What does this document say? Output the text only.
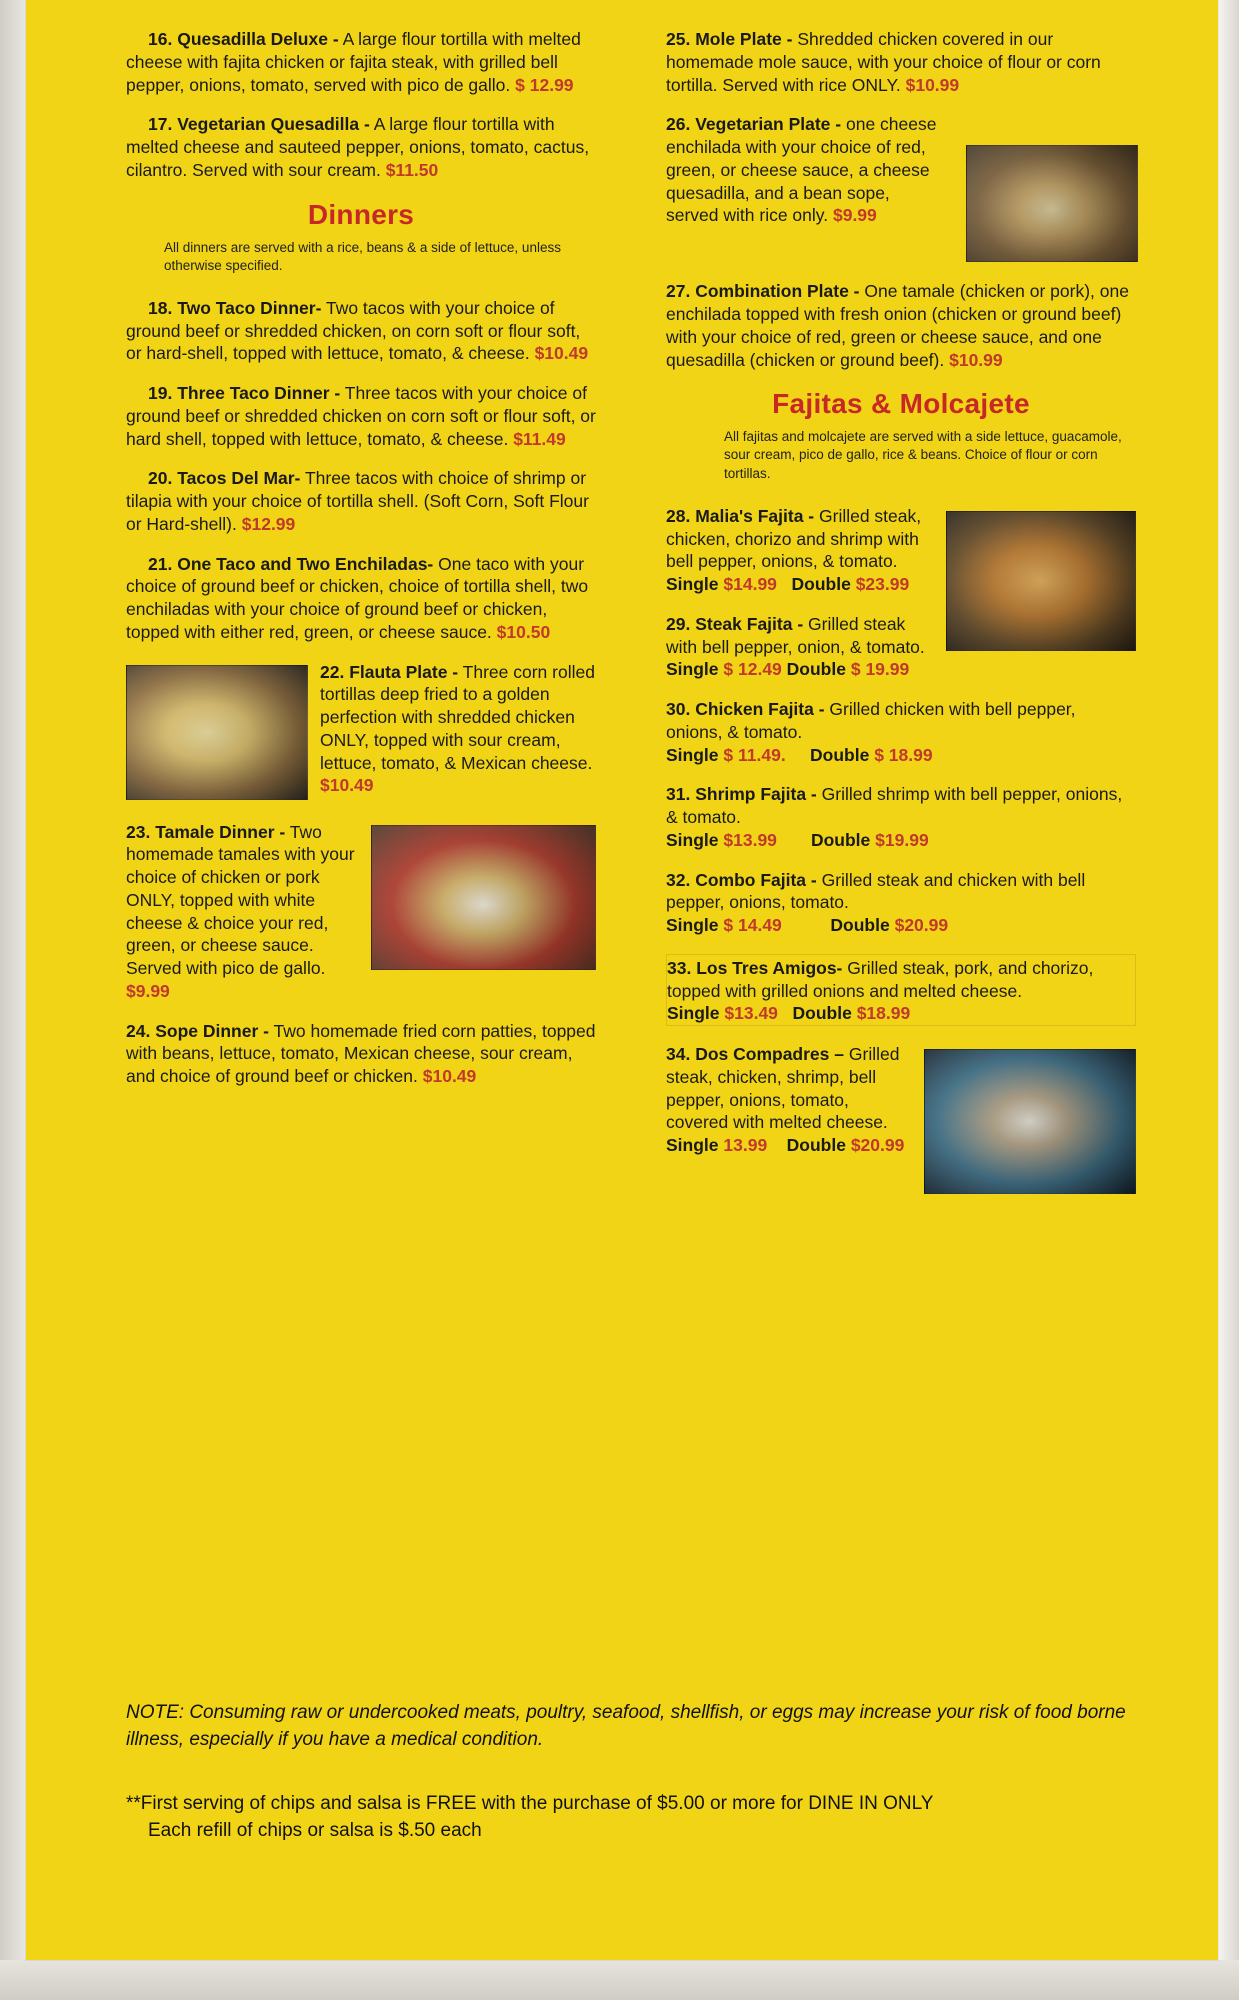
16. Quesadilla Deluxe - A large flour tortilla with melted cheese with fajita chicken or fajita steak, with grilled bell pepper, onions, tomato, served with pico de gallo. $ 12.99
17. Vegetarian Quesadilla - A large flour tortilla with melted cheese and sauteed pepper, onions, tomato, cactus, cilantro. Served with sour cream. $11.50
Dinners
All dinners are served with a rice, beans & a side of lettuce, unless otherwise specified.
18. Two Taco Dinner- Two tacos with your choice of ground beef or shredded chicken, on corn soft or flour soft, or hard-shell, topped with lettuce, tomato, & cheese. $10.49
19. Three Taco Dinner - Three tacos with your choice of ground beef or shredded chicken on corn soft or flour soft, or hard shell, topped with lettuce, tomato, & cheese. $11.49
20. Tacos Del Mar- Three tacos with choice of shrimp or tilapia with your choice of tortilla shell. (Soft Corn, Soft Flour or Hard-shell). $12.99
21. One Taco and Two Enchiladas- One taco with your choice of ground beef or chicken, choice of tortilla shell, two enchiladas with your choice of ground beef or chicken, topped with either red, green, or cheese sauce. $10.50
22. Flauta Plate - Three corn rolled tortillas deep fried to a golden perfection with shredded chicken ONLY, topped with sour cream, lettuce, tomato, & Mexican cheese. $10.49
23. Tamale Dinner - Two homemade tamales with your choice of chicken or pork ONLY, topped with white cheese & choice your red, green, or cheese sauce. Served with pico de gallo. $9.99
24. Sope Dinner - Two homemade fried corn patties, topped with beans, lettuce, tomato, Mexican cheese, sour cream, and choice of ground beef or chicken. $10.49
25. Mole Plate - Shredded chicken covered in our homemade mole sauce, with your choice of flour or corn tortilla. Served with rice ONLY. $10.99
26. Vegetarian Plate - one cheese enchilada with your choice of red, green, or cheese sauce, a cheese quesadilla, and a bean sope, served with rice only. $9.99
27. Combination Plate - One tamale (chicken or pork), one enchilada topped with fresh onion (chicken or ground beef) with your choice of red, green or cheese sauce, and one quesadilla (chicken or ground beef). $10.99
Fajitas & Molcajete
All fajitas and molcajete are served with a side lettuce, guacamole, sour cream, pico de gallo, rice & beans. Choice of flour or corn tortillas.
28. Malia's Fajita - Grilled steak, chicken, chorizo and shrimp with bell pepper, onions, & tomato.
Single $14.99 Double $23.99
29. Steak Fajita - Grilled steak with bell pepper, onion, & tomato.
Single $ 12.49 Double $ 19.99
30. Chicken Fajita - Grilled chicken with bell pepper, onions, & tomato.
Single $ 11.49. Double $ 18.99
31. Shrimp Fajita - Grilled shrimp with bell pepper, onions, & tomato.
Single $13.99 Double $19.99
32. Combo Fajita - Grilled steak and chicken with bell pepper, onions, tomato.
Single $ 14.49	Double $20.99
33. Los Tres Amigos- Grilled steak, pork, and chorizo, topped with grilled onions and melted cheese.
Single $13.49 Double $18.99
34. Dos Compadres – Grilled steak, chicken, shrimp, bell pepper, onions, tomato, covered with melted cheese.
Single 13.99 Double $20.99
NOTE: Consuming raw or undercooked meats, poultry, seafood, shellfish, or eggs may increase your risk of food borne illness, especially if you have a medical condition.
**First serving of chips and salsa is FREE with the purchase of $5.00 or more for DINE IN ONLY
Each refill of chips or salsa is $.50 each
